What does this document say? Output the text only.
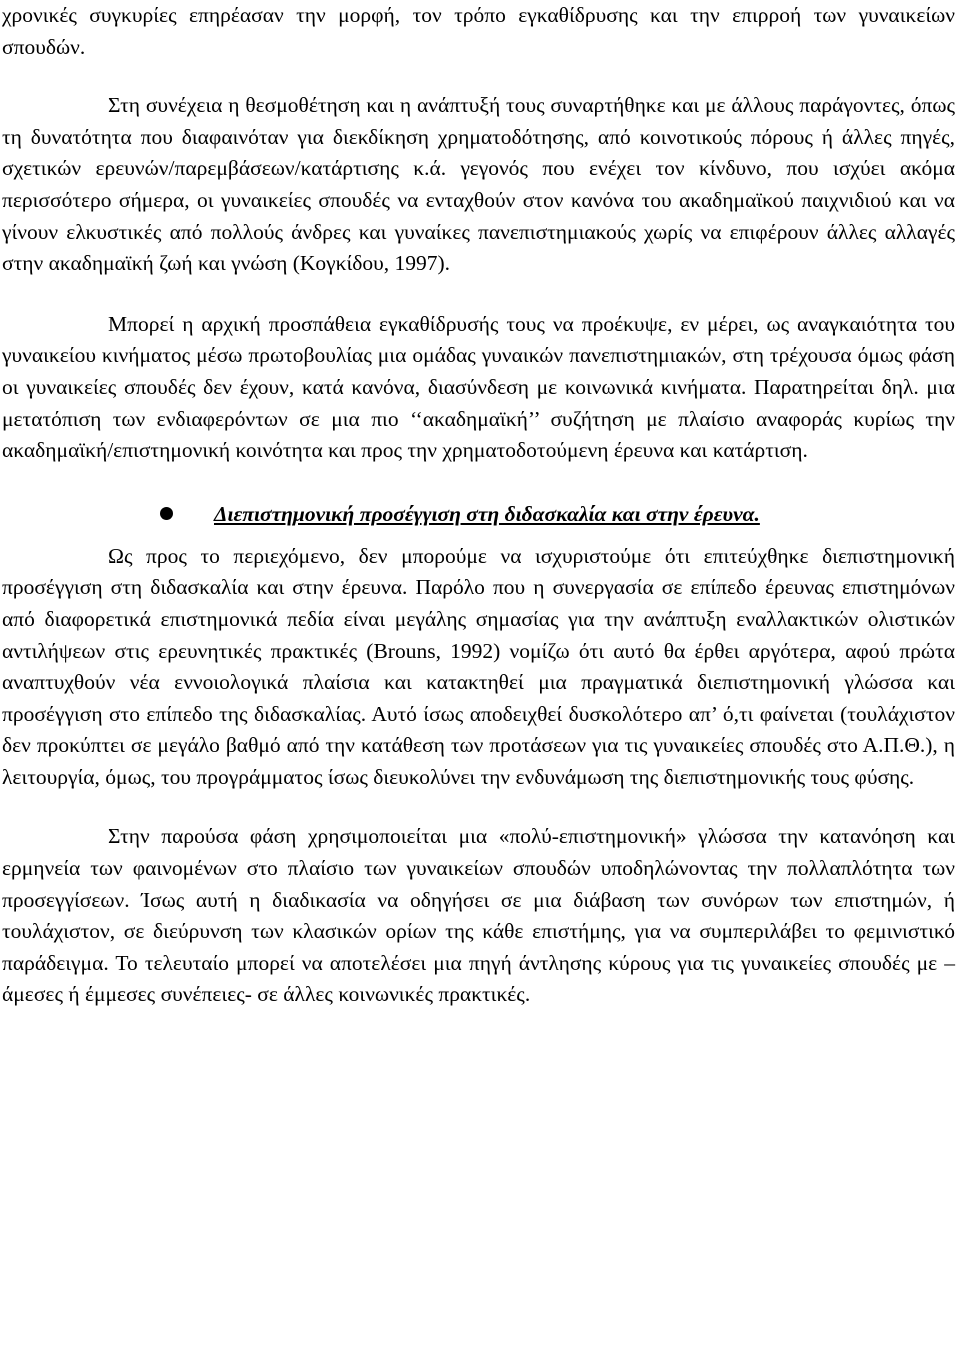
χρονικές συγκυρίες επηρέασαν την μορφή, τον τρόπο εγκαθίδρυσης και την επιρροή των γυναικείων σπουδών.

Στη συνέχεια η θεσμοθέτηση και η ανάπτυξή τους συναρτήθηκε και με άλλους παράγοντες, όπως τη δυνατότητα που διαφαινόταν για διεκδίκηση χρηματοδότησης, από κοινοτικούς πόρους ή άλλες πηγές, σχετικών ερευνών/παρεμβάσεων/κατάρτισης κ.ά. γεγονός που ενέχει τον κίνδυνο, που ισχύει ακόμα περισσότερο σήμερα, οι γυναικείες σπουδές να ενταχθούν στον κανόνα του ακαδημαϊκού παιχνιδιού και να γίνουν ελκυστικές από πολλούς άνδρες και γυναίκες πανεπιστημιακούς χωρίς να επιφέρουν άλλες αλλαγές στην ακαδημαϊκή ζωή και γνώση (Κογκίδου, 1997).

Μπορεί η αρχική προσπάθεια εγκαθίδρυσής τους να προέκυψε, εν μέρει, ως αναγκαιότητα του γυναικείου κινήματος μέσω πρωτοβουλίας μια ομάδας γυναικών πανεπιστημιακών, στη τρέχουσα όμως φάση οι γυναικείες σπουδές δεν έχουν, κατά κανόνα, διασύνδεση με κοινωνικά κινήματα. Παρατηρείται δηλ. μια μετατόπιση των ενδιαφερόντων σε μια πιο ‘‘ακαδημαϊκή’’ συζήτηση με πλαίσιο αναφοράς κυρίως την ακαδημαϊκή/επιστημονική κοινότητα και προς την χρηματοδοτούμενη έρευνα και κατάρτιση.

Διεπιστημονική προσέγγιση στη διδασκαλία και στην έρευνα.

Ως προς το περιεχόμενο, δεν μπορούμε να ισχυριστούμε ότι επιτεύχθηκε διεπιστημονική προσέγγιση στη διδασκαλία και στην έρευνα. Παρόλο που η συνεργασία σε επίπεδο έρευνας επιστημόνων από διαφορετικά επιστημονικά πεδία είναι μεγάλης σημασίας για την ανάπτυξη εναλλακτικών ολιστικών αντιλήψεων στις ερευνητικές πρακτικές (Brouns, 1992) νομίζω ότι αυτό θα έρθει αργότερα, αφού πρώτα αναπτυχθούν νέα εννοιολογικά πλαίσια και κατακτηθεί μια πραγματικά διεπιστημονική γλώσσα και προσέγγιση στο επίπεδο της διδασκαλίας. Αυτό ίσως αποδειχθεί δυσκολότερο απ’ ό,τι φαίνεται (τουλάχιστον δεν προκύπτει σε μεγάλο βαθμό από την κατάθεση των προτάσεων για τις γυναικείες σπουδές στο Α.Π.Θ.), η λειτουργία, όμως, του προγράμματος ίσως διευκολύνει την ενδυνάμωση της διεπιστημονικής τους φύσης.

Στην παρούσα φάση χρησιμοποιείται μια «πολύ-επιστημονική» γλώσσα την κατανόηση και ερμηνεία των φαινομένων στο πλαίσιο των γυναικείων σπουδών υποδηλώνοντας την πολλαπλότητα των προσεγγίσεων. Ίσως αυτή η διαδικασία να οδηγήσει σε μια διάβαση των συνόρων των επιστημών, ή τουλάχιστον, σε διεύρυνση των κλασικών ορίων της κάθε επιστήμης, για να συμπεριλάβει το φεμινιστικό παράδειγμα. Το τελευταίο μπορεί να αποτελέσει μια πηγή άντλησης κύρους για τις γυναικείες σπουδές με –άμεσες ή έμμεσες συνέπειες- σε άλλες κοινωνικές πρακτικές.
